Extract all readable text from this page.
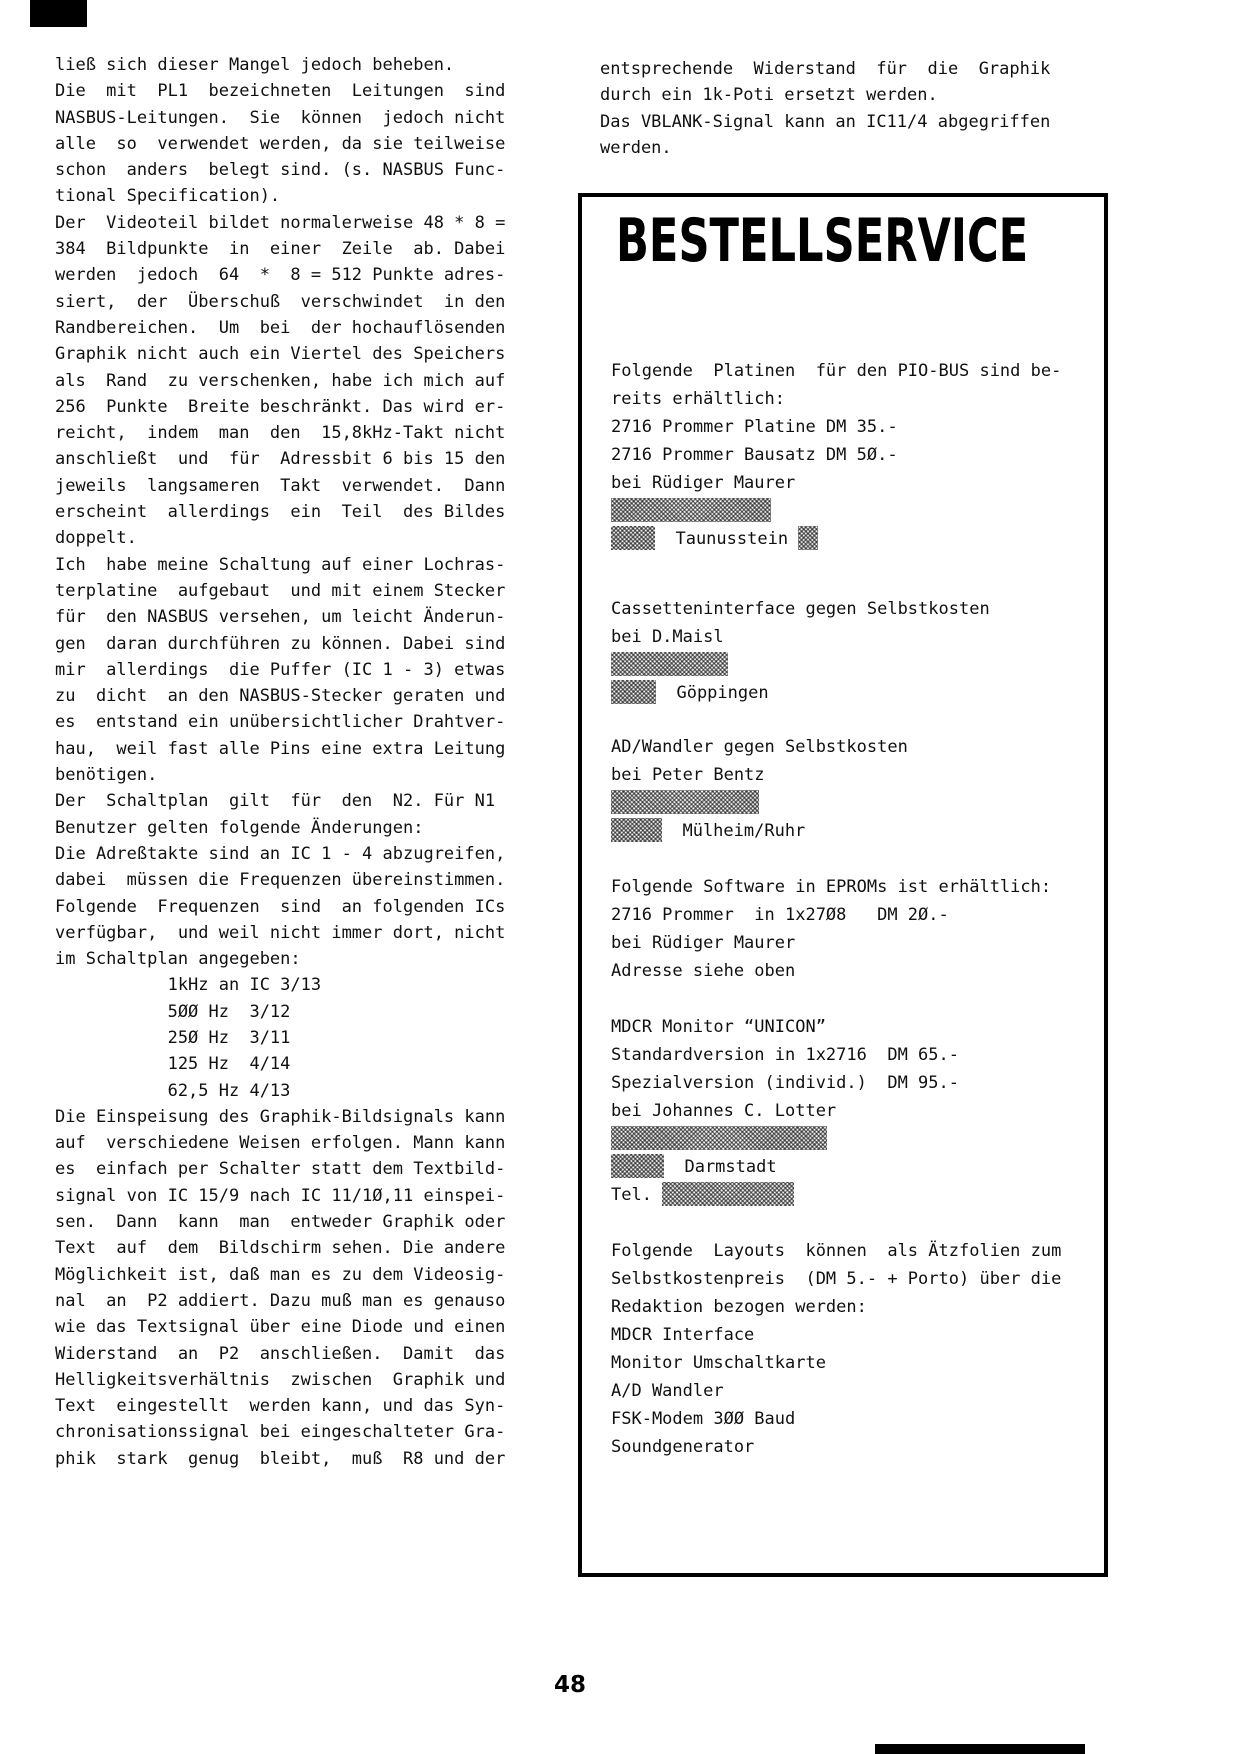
ließ sich dieser Mangel jedoch beheben.
Die  mit  PL1  bezeichneten  Leitungen  sind
NASBUS-Leitungen.  Sie  können  jedoch nicht
alle  so  verwendet werden, da sie teilweise
schon  anders  belegt sind. (s. NASBUS Func-
tional Specification).
Der  Videoteil bildet normalerweise 48 * 8 =
384  Bildpunkte  in  einer  Zeile  ab. Dabei
werden  jedoch  64  *  8 = 512 Punkte adres-
siert,  der  Überschuß  verschwindet  in den
Randbereichen.  Um  bei  der hochauflösenden
Graphik nicht auch ein Viertel des Speichers
als  Rand  zu verschenken, habe ich mich auf
256  Punkte  Breite beschränkt. Das wird er-
reicht,  indem  man  den  15,8kHz-Takt nicht
anschließt  und  für  Adressbit 6 bis 15 den
jeweils  langsameren  Takt  verwendet.  Dann
erscheint  allerdings  ein  Teil  des Bildes
doppelt.
Ich  habe meine Schaltung auf einer Lochras-
terplatine  aufgebaut  und mit einem Stecker
für  den NASBUS versehen, um leicht Änderun-
gen  daran durchführen zu können. Dabei sind
mir  allerdings  die Puffer (IC 1 - 3) etwas
zu  dicht  an den NASBUS-Stecker geraten und
es  entstand ein unübersichtlicher Drahtver-
hau,  weil fast alle Pins eine extra Leitung
benötigen.
Der  Schaltplan  gilt  für  den  N2. Für N1
Benutzer gelten folgende Änderungen:
Die Adreßtakte sind an IC 1 - 4 abzugreifen,
dabei  müssen die Frequenzen übereinstimmen.
Folgende  Frequenzen  sind  an folgenden ICs
verfügbar,  und weil nicht immer dort, nicht
im Schaltplan angegeben:
1kHz an IC 3/13
5ØØ Hz  3/12
25Ø Hz  3/11
125 Hz  4/14
62,5 Hz 4/13
Die Einspeisung des Graphik-Bildsignals kann
auf  verschiedene Weisen erfolgen. Mann kann
es  einfach per Schalter statt dem Textbild-
signal von IC 15/9 nach IC 11/1Ø,11 einspei-
sen.  Dann  kann  man  entweder Graphik oder
Text  auf  dem  Bildschirm sehen. Die andere
Möglichkeit ist, daß man es zu dem Videosig-
nal  an  P2 addiert. Dazu muß man es genauso
wie das Textsignal über eine Diode und einen
Widerstand  an  P2  anschließen.  Damit  das
Helligkeitsverhältnis  zwischen  Graphik und
Text  eingestellt  werden kann, und das Syn-
chronisationssignal bei eingeschalteter Gra-
phik  stark  genug  bleibt,  muß  R8 und der
entsprechende  Widerstand  für  die  Graphik
durch ein 1k-Poti ersetzt werden.
Das VBLANK-Signal kann an IC11/4 abgegriffen
werden.
BESTELLSERVICE
Folgende  Platinen  für den PIO-BUS sind be-
reits erhältlich:
2716 Prommer Platine DM 35.-
2716 Prommer Bausatz DM 5Ø.-
bei Rüdiger Maurer
Taunusstein
Cassetteninterface gegen Selbstkosten
bei D.Maisl
Göppingen
AD/Wandler gegen Selbstkosten
bei Peter Bentz
Mülheim/Ruhr
Folgende Software in EPROMs ist erhältlich:
2716 Prommer  in 1x27Ø8   DM 2Ø.-
bei Rüdiger Maurer
Adresse siehe oben
MDCR Monitor “UNICON”
Standardversion in 1x2716  DM 65.-
Spezialversion (individ.)  DM 95.-
bei Johannes C. Lotter
Darmstadt
Tel.
Folgende  Layouts  können  als Ätzfolien zum
Selbstkostenpreis  (DM 5.- + Porto) über die
Redaktion bezogen werden:
MDCR Interface
Monitor Umschaltkarte
A/D Wandler
FSK-Modem 3ØØ Baud
Soundgenerator
48
